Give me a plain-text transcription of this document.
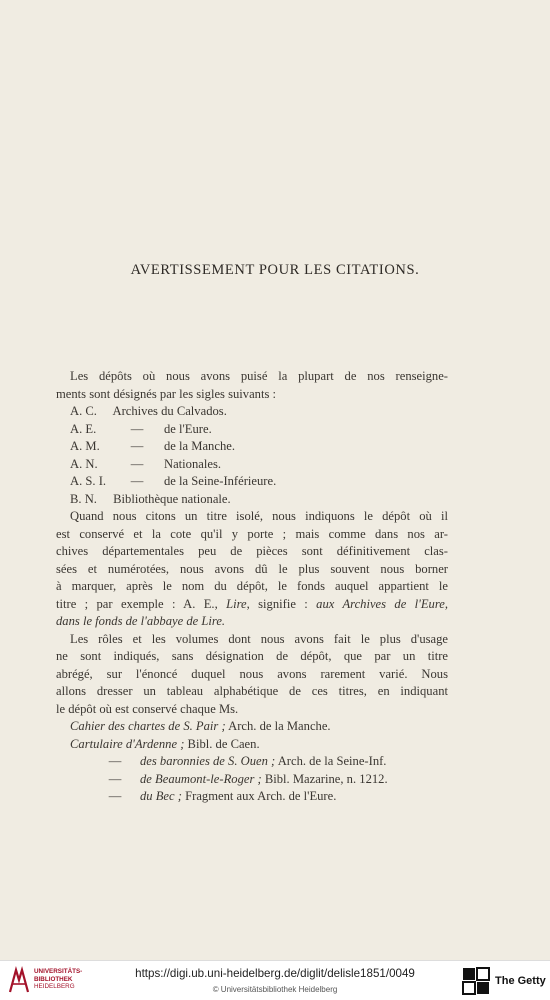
AVERTISSEMENT POUR LES CITATIONS.
Les dépôts où nous avons puisé la plupart de nos renseigne-
ments sont désignés par les sigles suivants :
A. C. Archives du Calvados.
A. E.	— de l'Eure.
A. M. — de la Manche.
A. N.	— Nationales.
A. S. I. — de la Seine-Inférieure.
B. N. Bibliothèque nationale.
Quand nous citons un titre isolé, nous indiquons le dépôt où il
est conservé et la cote qu'il y porte ; mais comme dans nos ar-
chives départementales peu de pièces sont définitivement clas-
sées et numérotées, nous avons dû le plus souvent nous borner
à marquer, après le nom du dépôt, le fonds auquel appartient le
titre ; par exemple : A. E., Lire, signifie : aux Archives de l'Eure,
dans le fonds de l'abbaye de Lire.
Les rôles et les volumes dont nous avons fait le plus d'usage
ne sont indiqués, sans désignation de dépôt, que par un titre
abrégé, sur l'énoncé duquel nous avons rarement varié. Nous
allons dresser un tableau alphabétique de ces titres, en indiquant
le dépôt où est conservé chaque Ms.
Cahier des chartes de S. Pair ; Arch. de la Manche.
Cartulaire d'Ardenne ; Bibl. de Caen.
— des baronnies de S. Ouen ; Arch. de la Seine-Inf.
— de Beaumont-le-Roger ; Bibl. Mazarine, n. 1212.
— du Bec ; Fragment aux Arch. de l'Eure.
UNIVERSITÄTS-
BIBLIOTHEK
HEIDELBERG
https://digi.ub.uni-heidelberg.de/diglit/delisle1851/0049
© Universitätsbibliothek Heidelberg
The Getty
